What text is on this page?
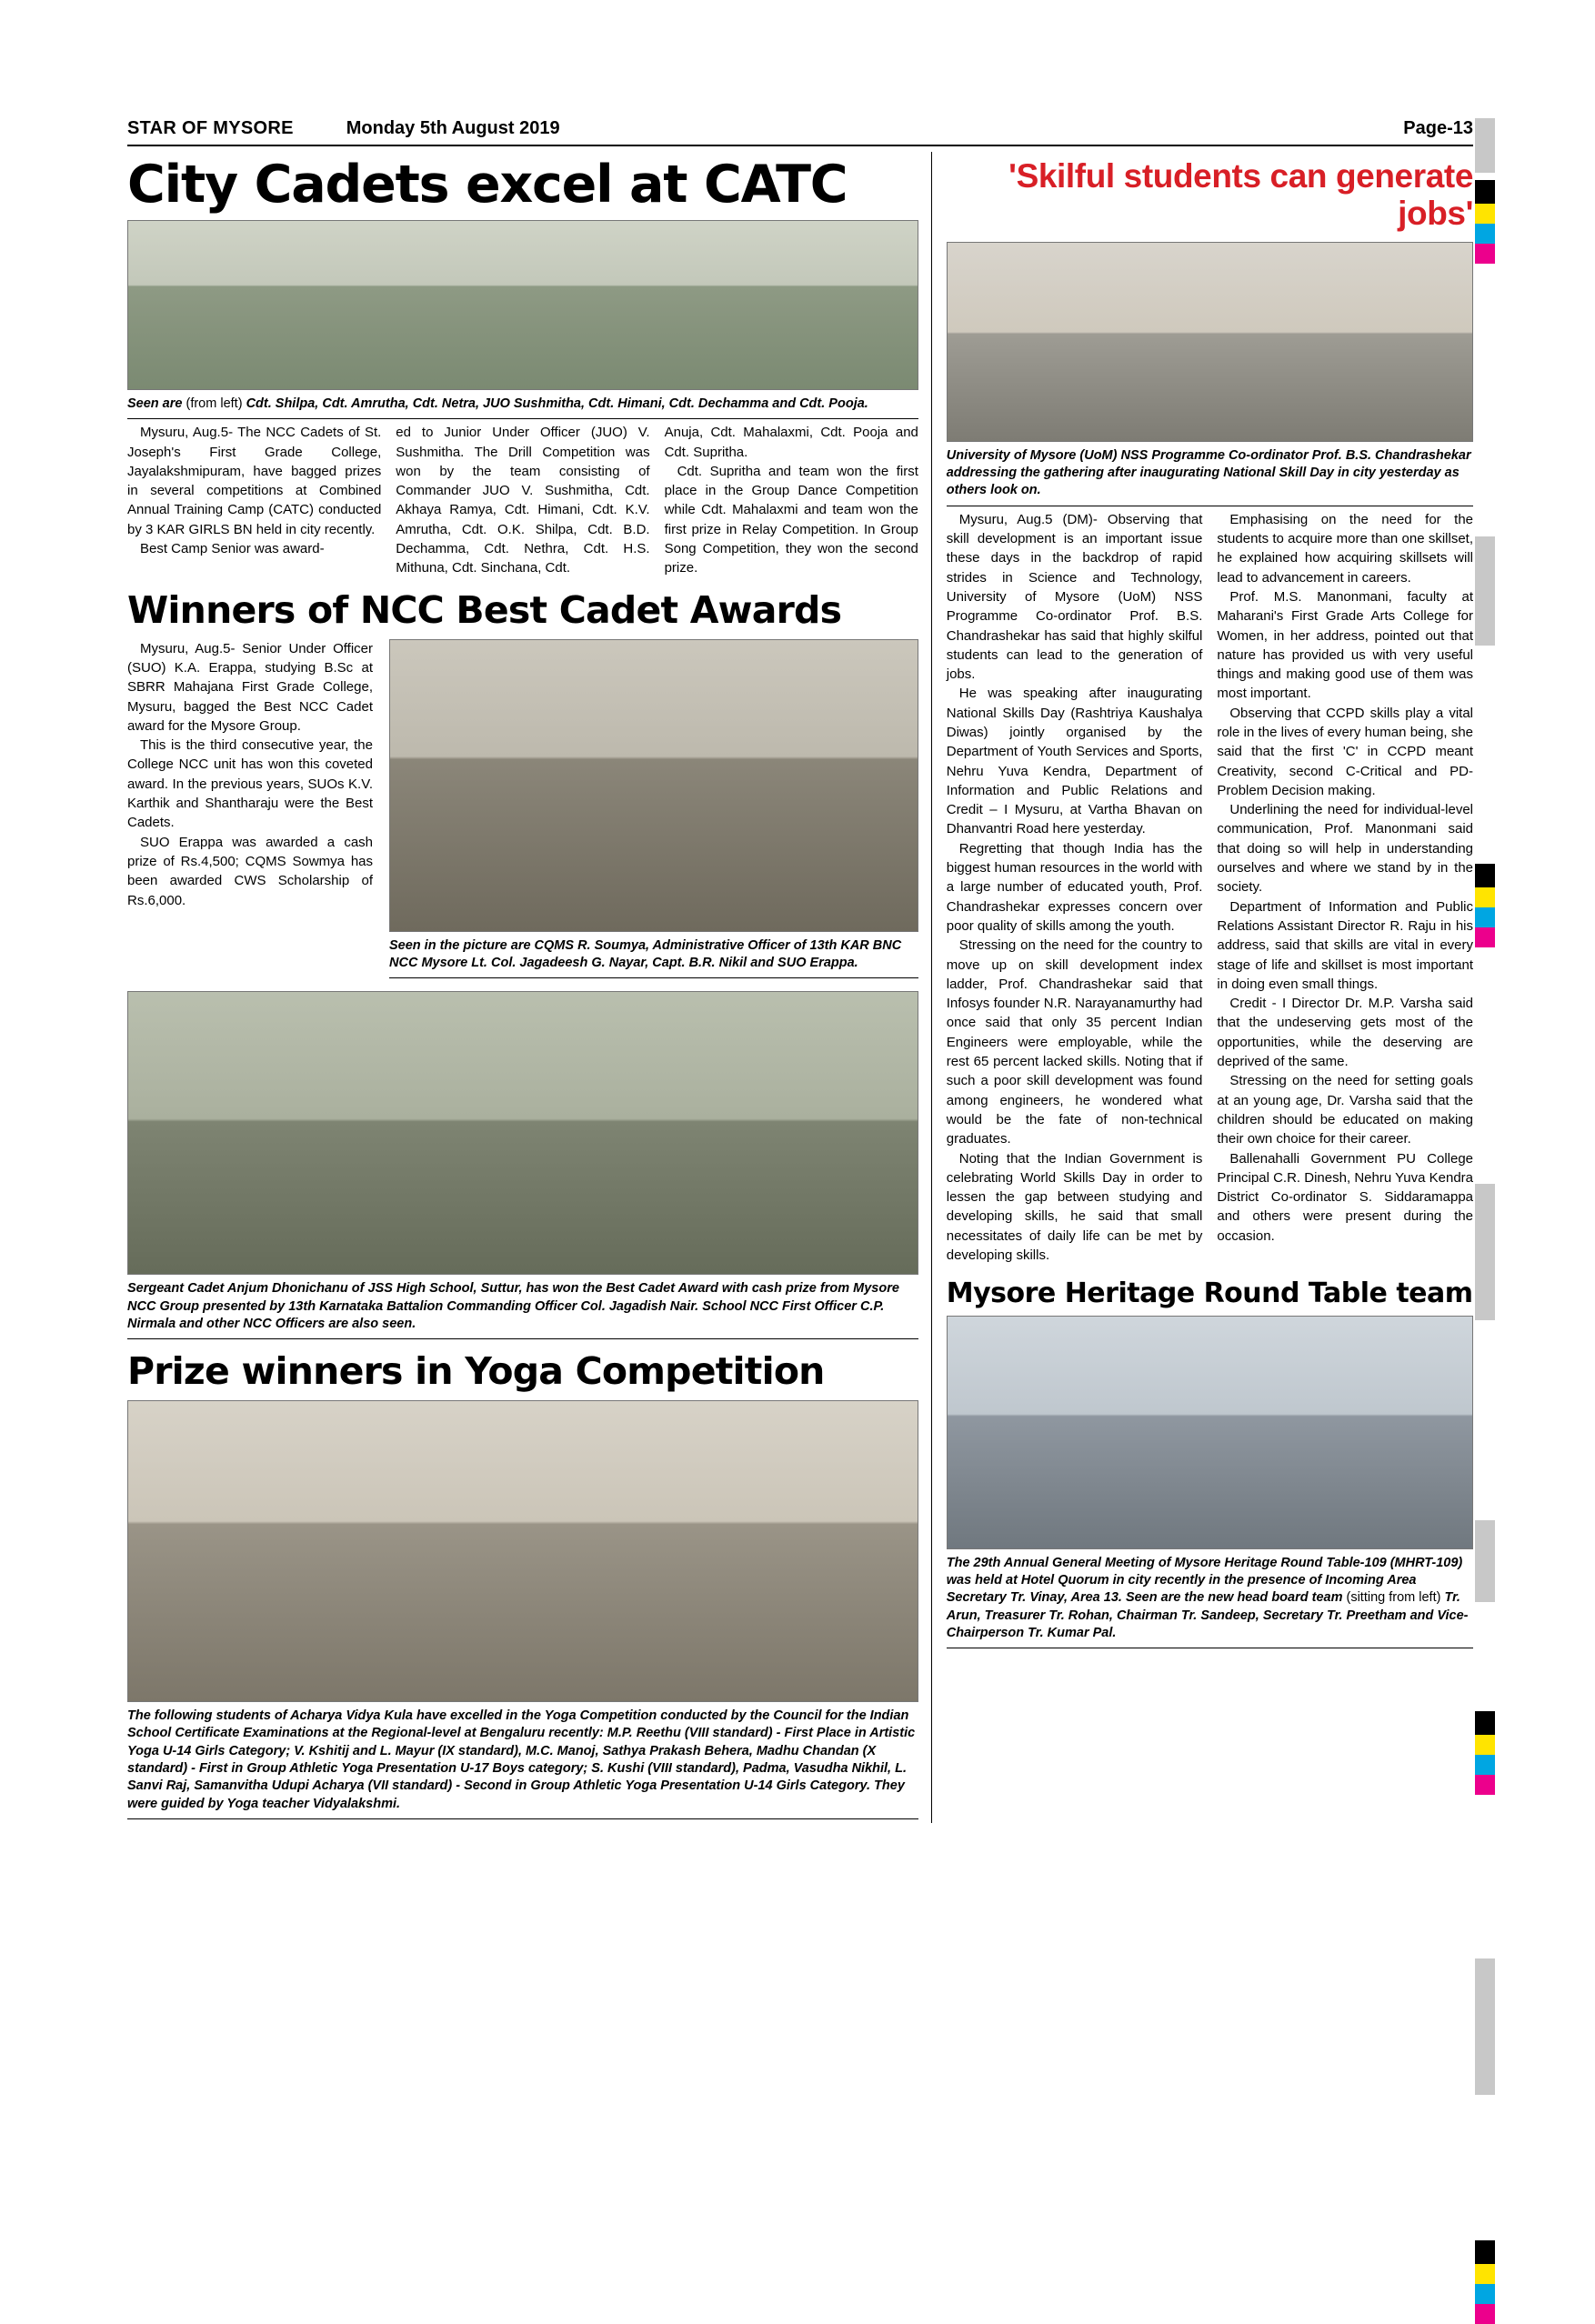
STAR OF MYSORE	Monday 5th August 2019	Page-13
City Cadets excel at CATC
Seen are (from left) Cdt. Shilpa, Cdt. Amrutha, Cdt. Netra, JUO Sushmitha, Cdt. Himani, Cdt. Dechamma and Cdt. Pooja.

Mysuru, Aug.5- The NCC Cadets of St. Joseph's First Grade College, Jayalakshmipuram, have bagged prizes in several competitions at Combined Annual Training Camp (CATC) conducted by 3 KAR GIRLS BN held in city recently.

Best Camp Senior was award-

ed to Junior Under Officer (JUO) V. Sushmitha. The Drill Competition was won by the team consisting of Commander JUO V. Sushmitha, Cdt. Akhaya Ramya, Cdt. Himani, Cdt. K.V. Amrutha, Cdt. O.K. Shilpa, Cdt. B.D. Dechamma, Cdt. Nethra, Cdt. H.S. Mithuna, Cdt. Sinchana, Cdt.

Anuja, Cdt. Mahalaxmi, Cdt. Pooja and Cdt. Supritha.

Cdt. Supritha and team won the first place in the Group Dance Competition while Cdt. Mahalaxmi and team won the first prize in Relay Competition. In Group Song Competition, they won the second prize.

Winners of NCC Best Cadet Awards

Mysuru, Aug.5- Senior Under Officer (SUO) K.A. Erappa, studying B.Sc at SBRR Mahajana First Grade College, Mysuru, bagged the Best NCC Cadet award for the Mysore Group.

This is the third consecutive year, the College NCC unit has won this coveted award. In the previous years, SUOs K.V. Karthik and Shantharaju were the Best Cadets.

SUO Erappa was awarded a cash prize of Rs.4,500; CQMS Sowmya has been awarded CWS Scholarship of Rs.6,000.

Seen in the picture are CQMS R. Soumya, Administrative Officer of 13th KAR BNC NCC Mysore Lt. Col. Jagadeesh G. Nayar, Capt. B.R. Nikil and SUO Erappa.
Sergeant Cadet Anjum Dhonichanu of JSS High School, Suttur, has won the Best Cadet Award with cash prize from Mysore NCC Group presented by 13th Karnataka Battalion Commanding Officer Col. Jagadish Nair. School NCC First Officer C.P. Nirmala and other NCC Officers are also seen.
Prize winners in Yoga Competition
The following students of Acharya Vidya Kula have excelled in the Yoga Competition conducted by the Council for the Indian School Certificate Examinations at the Regional-level at Bengaluru recently: M.P. Reethu (VIII standard) - First Place in Artistic Yoga U-14 Girls Category; V. Kshitij and L. Mayur (IX standard), M.C. Manoj, Sathya Prakash Behera, Madhu Chandan (X standard) - First in Group Athletic Yoga Presentation U-17 Boys category; S. Kushi (VIII standard), Padma, Vasudha Nikhil, L. Sanvi Raj, Samanvitha Udupi Acharya (VII standard) - Second in Group Athletic Yoga Presentation U-14 Girls Category. They were guided by Yoga teacher Vidyalakshmi.
'Skilful students can generate jobs'
University of Mysore (UoM) NSS Programme Co-ordinator Prof. B.S. Chandrashekar addressing the gathering after inaugurating National Skill Day in city yesterday as others look on.

Mysuru, Aug.5 (DM)- Observing that skill development is an important issue these days in the backdrop of rapid strides in Science and Technology, University of Mysore (UoM) NSS Programme Co-ordinator Prof. B.S. Chandrashekar has said that highly skilful students can lead to the generation of jobs.

He was speaking after inaugurating National Skills Day (Rashtriya Kaushalya Diwas) jointly organised by the Department of Youth Services and Sports, Nehru Yuva Kendra, Department of Information and Public Relations and Credit – I Mysuru, at Vartha Bhavan on Dhanvantri Road here yesterday.

Regretting that though India has the biggest human resources in the world with a large number of educated youth, Prof. Chandrashekar expresses concern over poor quality of skills among the youth.

Stressing on the need for the country to move up on skill development index ladder, Prof. Chandrashekar said that Infosys founder N.R. Narayanamurthy had once said that only 35 percent Indian Engineers were employable, while the rest 65 percent lacked skills. Noting that if such a poor skill development was found among engineers, he wondered what would be the fate of non-technical graduates.

Noting that the Indian Government is celebrating World Skills Day in order to lessen the gap between studying and developing skills, he said that small necessitates of daily life can be met by developing skills.

Emphasising on the need for the students to acquire more than one skillset, he explained how acquiring skillsets will lead to advancement in careers.

Prof. M.S. Manonmani, faculty at Maharani's First Grade Arts College for Women, in her address, pointed out that nature has provided us with very useful things and making good use of them was most important.

Observing that CCPD skills play a vital role in the lives of every human being, she said that the first 'C' in CCPD meant Creativity, second C-Critical and PD- Problem Decision making.

Underlining the need for individual-level communication, Prof. Manonmani said that doing so will help in understanding ourselves and where we stand by in the society.

Department of Information and Public Relations Assistant Director R. Raju in his address, said that skills are vital in every stage of life and skillset is most important in doing even small things.

Credit - I Director Dr. M.P. Varsha said that the undeserving gets most of the opportunities, while the deserving are deprived of the same.

Stressing on the need for setting goals at an young age, Dr. Varsha said that the children should be educated on making their own choice for their career.

Ballenahalli Government PU College Principal C.R. Dinesh, Nehru Yuva Kendra District Co-ordinator S. Siddaramappa and others were present during the occasion.

Mysore Heritage Round Table team
The 29th Annual General Meeting of Mysore Heritage Round Table-109 (MHRT-109) was held at Hotel Quorum in city recently in the presence of Incoming Area Secretary Tr. Vinay, Area 13. Seen are the new head board team (sitting from left) Tr. Arun, Treasurer Tr. Rohan, Chairman Tr. Sandeep, Secretary Tr. Preetham and Vice-Chairperson Tr. Kumar Pal.
